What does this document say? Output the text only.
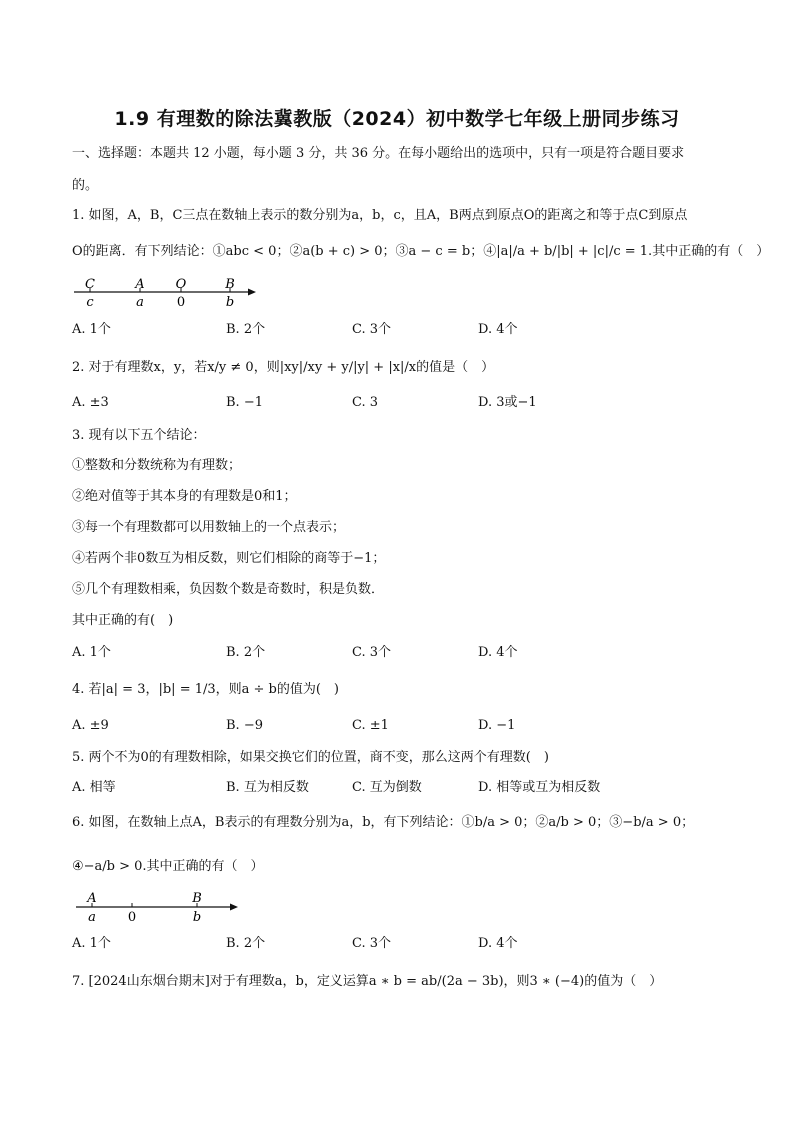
1.9 有理数的除法冀教版（2024）初中数学七年级上册同步练习
一、选择题：本题共 12 小题，每小题 3 分，共 36 分。在每小题给出的选项中，只有一项是符合题目要求
的。
1. 如图，A，B，C三点在数轴上表示的数分别为a，b，c，且A，B两点到原点O的距离之和等于点C到原点
O的距离．有下列结论：①abc < 0；②a(b + c) > 0；③a − c = b；④|a|/a + b/|b| + |c|/c = 1.其中正确的有（　）
C	A O	B
c	a	0	b
A. 1个	B. 2个	C. 3个	D. 4个
2. 对于有理数x，y，若x/y ≠ 0，则|xy|/xy + y/|y| + |x|/x的值是（　）
A. ±3	B. −1	C. 3	D. 3或−1
3. 现有以下五个结论：
①整数和分数统称为有理数；
②绝对值等于其本身的有理数是0和1；
③每一个有理数都可以用数轴上的一个点表示；
④若两个非0数互为相反数，则它们相除的商等于−1；
⑤几个有理数相乘，负因数个数是奇数时，积是负数．
其中正确的有(　)
A. 1个	B. 2个	C. 3个	D. 4个
4. 若|a| = 3，|b| = 1/3，则a ÷ b的值为(　)
A. ±9	B. −9	C. ±1	D. −1
5. 两个不为0的有理数相除，如果交换它们的位置，商不变，那么这两个有理数(　)
A. 相等	B. 互为相反数	C. 互为倒数	D. 相等或互为相反数
6. 如图，在数轴上点A，B表示的有理数分别为a，b，有下列结论：①b/a > 0；②a/b > 0；③−b/a > 0；
④−a/b > 0.其中正确的有（　）
A	B
a 0	b
A. 1个	B. 2个	C. 3个	D. 4个
7. [2024山东烟台期末]对于有理数a，b，定义运算a ∗ b = ab/(2a − 3b)，则3 ∗ (−4)的值为（　）
